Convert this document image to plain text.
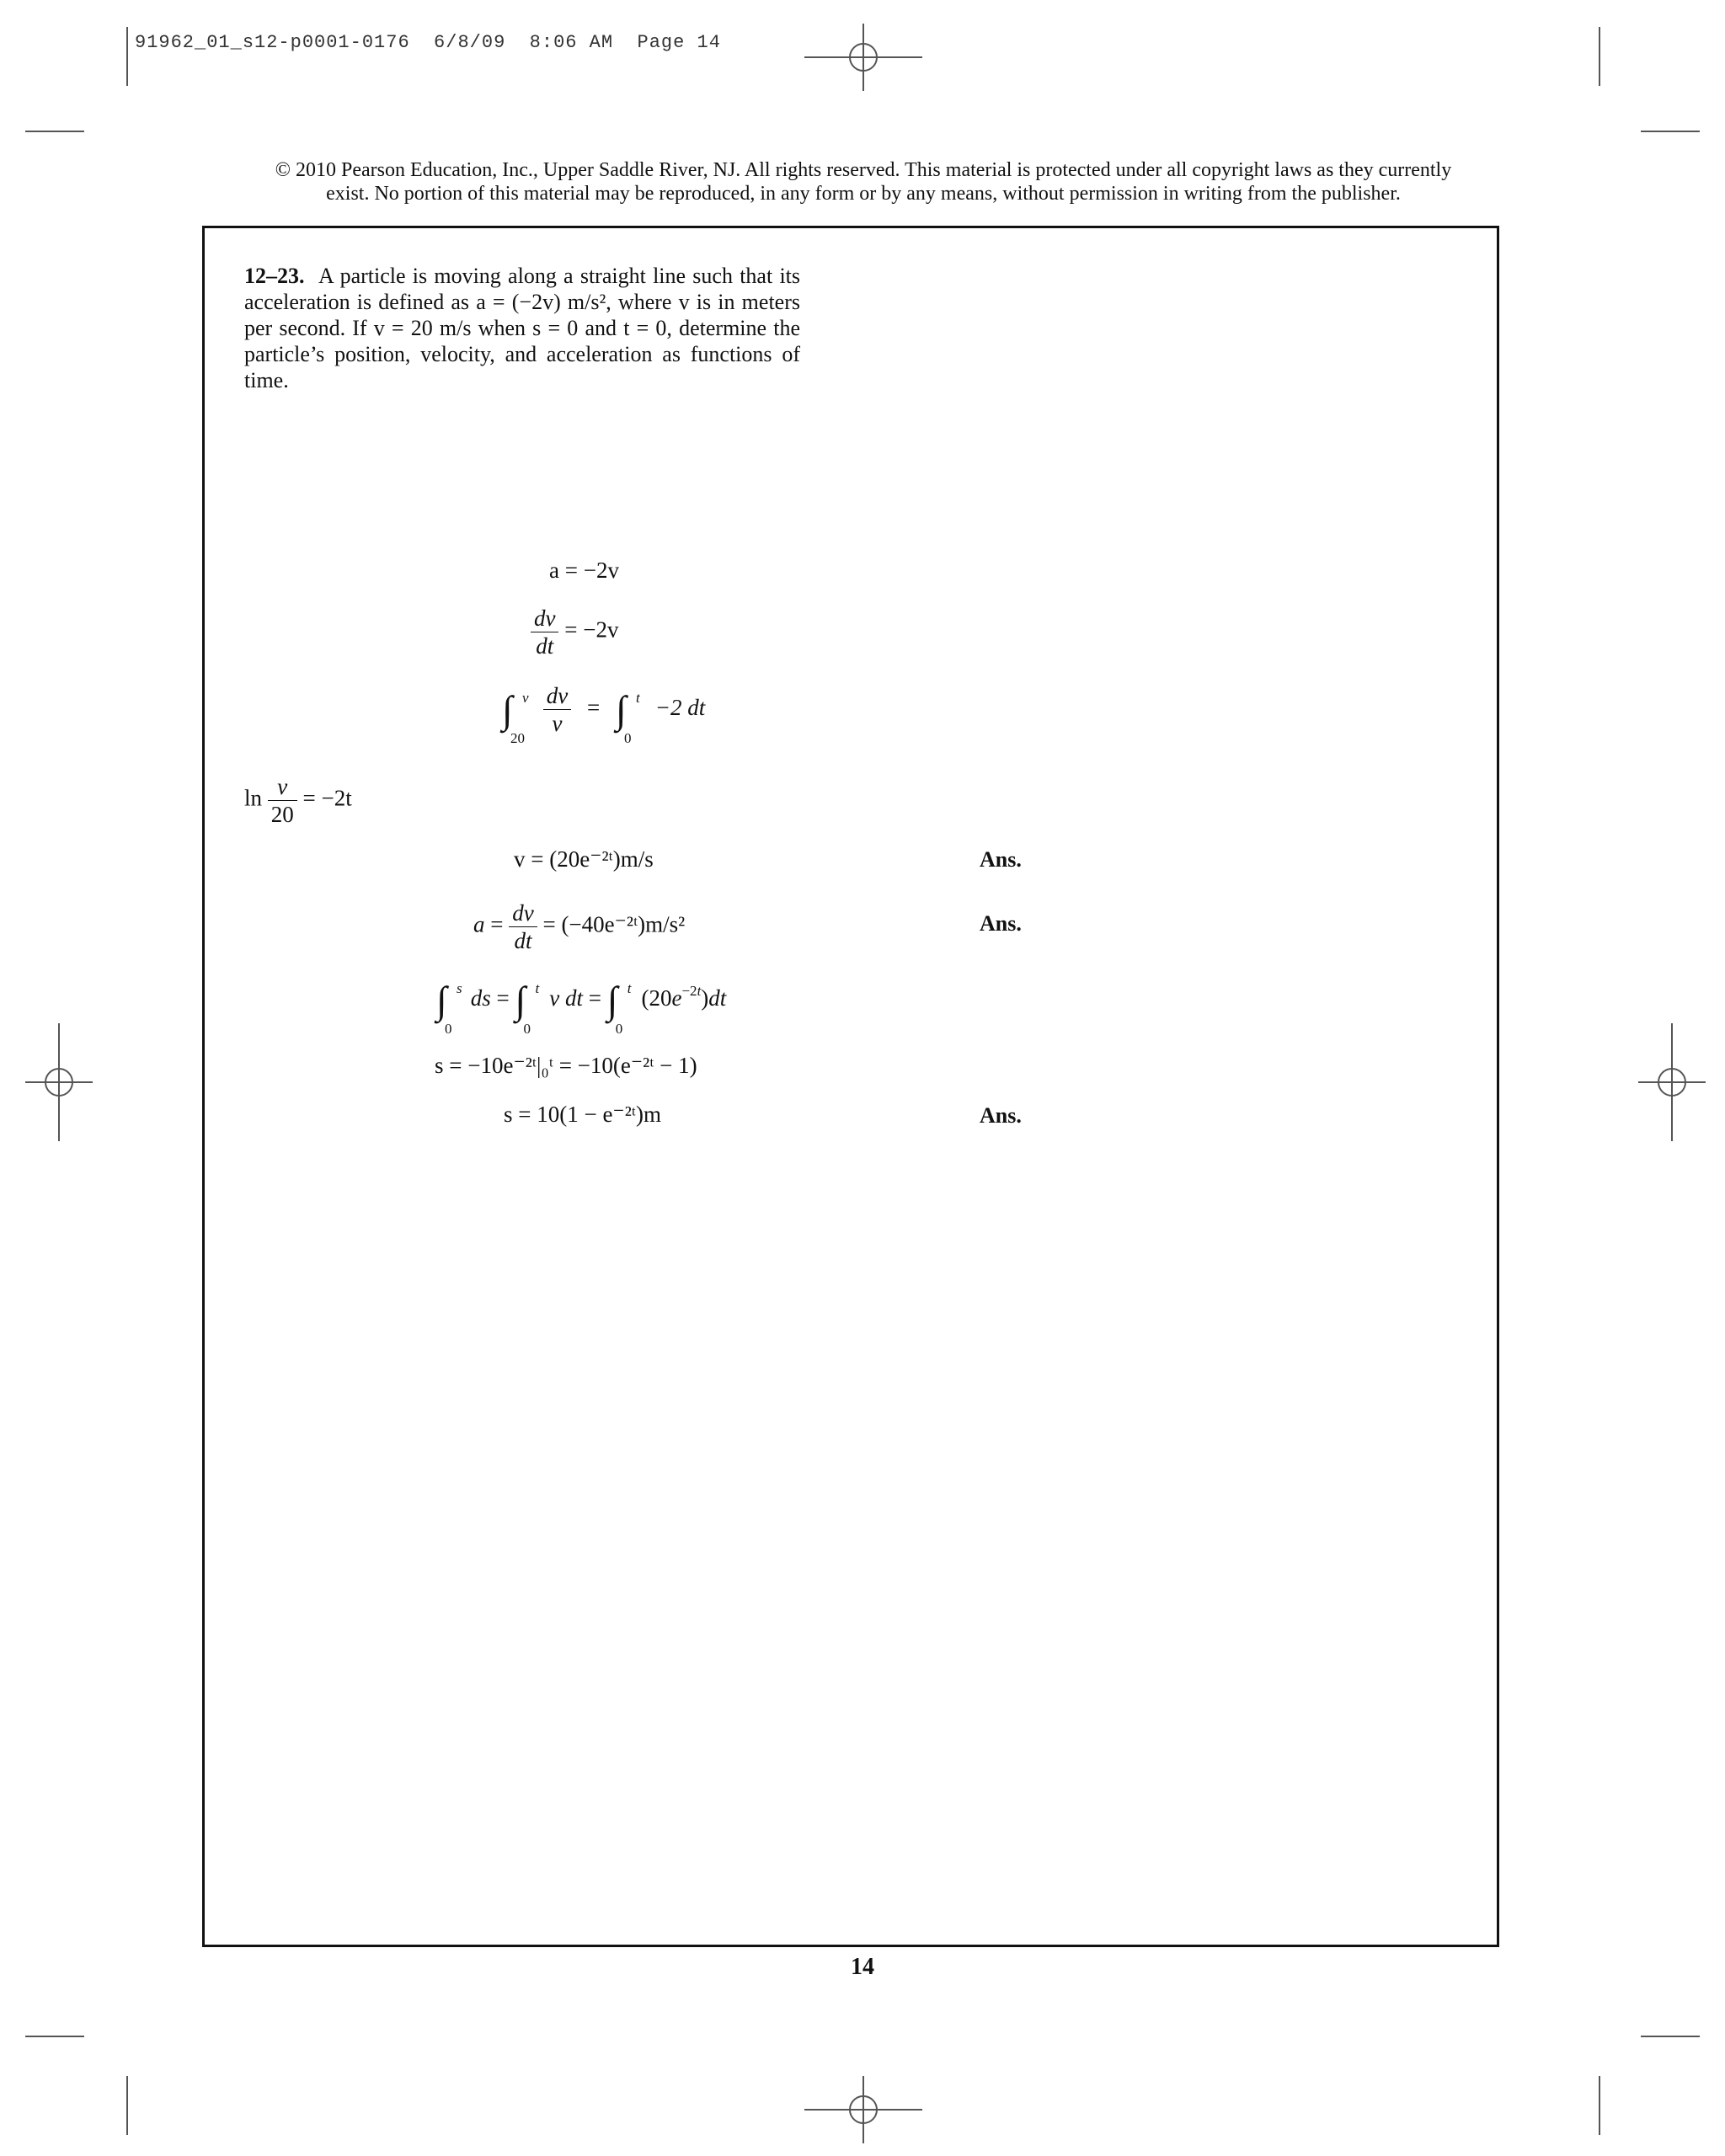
91962_01_s12-p0001-0176  6/8/09  8:06 AM  Page 14
© 2010 Pearson Education, Inc., Upper Saddle River, NJ. All rights reserved. This material is protected under all copyright laws as they currently
exist. No portion of this material may be reproduced, in any form or by any means, without permission in writing from the publisher.
12–23. A particle is moving along a straight line such that its acceleration is defined as a = (−2v) m/s², where v is in meters per second. If v = 20 m/s when s = 0 and t = 0, determine the particle’s position, velocity, and acceleration as functions of time.
a = −2v
$\frac{dv}{dt} = -2v$
∫ v
20

$\frac{dv}{v}$ = ∫ t
0
−2 dt
$\ln \frac{v}{20} = -2t$
v = (20e⁻²ᵗ)m/s	Ans.
$a = \frac{dv}{dt}$ = (−40e⁻²ᵗ)m/s²	Ans.
∫ s
0
ds = ∫ t
0
v dt = ∫ t
0
$(20e^{-2t})dt$
s = −10e⁻²ᵗ|₀ᵗ = −10(e⁻²ᵗ − 1)
s = 10(1 − e⁻²ᵗ)m	Ans.
14
